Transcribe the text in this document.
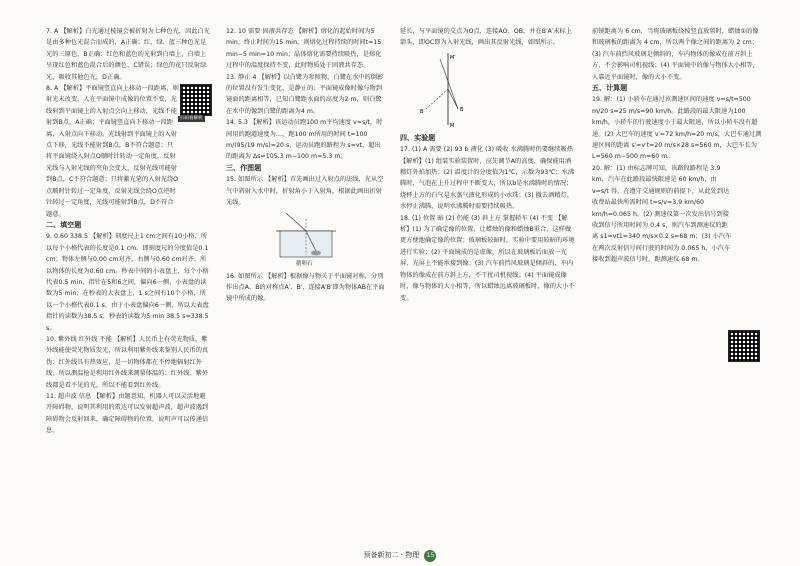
7. A 【解析】白光通过棱镜会被折射为七种色光，因此白光是由多种色光混合而成的，A正确；红、绿、蓝三种色光是光的三原色，B正确；红色和蓝色的光射到白墙上，白墙上呈现红色和蓝色混合后的颜色，C错误；绿色的花只反射绿光，吸收其他色光，D正确。

8. A 【解析】平面镜竖直向上移动一段距离，则射光未改变，人在平面镜中成像的位置不变，光线射到平面镜上的入射点会向上移动，光线不能射到B点，A正确；平面镜竖直向下移动一段距离，入射点向下移动，光线射到平面镜上的入射点下移，光线不能射到B点，B不符合题意；只将平面镜绕入射点O顺时针转动一定角度，反射光线与入射光线的夹角会变大，反射光线可能射到B点，C不符合题意；只将激光笔的入射光绕O点顺时针转过一定角度，反射光线会绕O点逆时针转过一定角度，光线可能射到B点，D不符合题意。

二、填空题

9. 0.60 338.5 【解析】刻度尺上1 cm之间有10小格，所以每个小格代表的长度是0.1 cm，即刻度尺的分度值是0.1 cm；物体左侧与0.00 cm对齐，右侧与0.60 cm对齐，所以物体的长度为0.60 cm。秒表中间的小表盘上，每个小格代表0.5 min，指针在5和6之间，偏向6一侧，小表盘的读数为5 min；在秒表的大表盘上，1 s之间有10个小格，所以一个小格代表0.1 s，由于小表盘偏向6一侧，所以大表盘指针的读数为38.5 s，秒表的读数为5 min 38.5 s=338.5 s。

10. 紫外线 红外线 不能 【解析】人民币上有荧光物质，紫外线能使荧光物质发光，所以利用紫外线来鉴别人民币的真伪；红外线具有热效应，是一切物体都在不停地辐射红外线，所以测温枪是利用红外线来测量体温的；红外线、紫外线都是看不见的光，所以不能看到红外线。

11. 超声波 信息 【解析】由题意知，机器人可以灵活地避开障碍物，说明其利用的雷达可以发射超声波，超声波遇到障碍物会反射回来，确定障碍物的位置，说明声可以传递信息。

扫码看解析

12. 10 需要 固液共存态 【解析】熔化的起始时间为5 min，终止时间为15 min，则熔化过程持续的时间t=15 min−5 min=10 min；晶体熔化需要持续吸热，是熔化过程中的温度保持不变，此时物质处于固液共存态。

13. 静止 4 【解析】以白鹭为参照物，白鹭在水中的倒影的位置没有发生变化，是静止的；平面镜成像时像与物到镜面的距离相等，已知白鹭距水面的高度为2 m，则白鹭在水中的像到白鹭的距离为4 m。

14. 5.3 【解析】该运动员跑100 m平均速度 v=s/t，时间用的跑道速度为…，跑100 m所用的时间 t=100 m/(95/19 m/s)=20 s，运动员跑的路程为 s=vt，超出的距离为 Δs=105.3 m−100 m=5.3 m。

三、作图题

15. 如图所示 【解析】首先画出过入射点的法线，光从空气中斜射入水中时，折射角小于入射角，根据此画出折射光线。

鹅卵石

16. 如图所示 【解析】根据像与物关于平面镜对称，分别作出点A、B的对称点A′、B′，连接A′B′即为物体AB在平面镜中所成的像。

延长，与平面镜的交点为O点，连接AO、OB，并在B′A′末标上箭头，即OC即为入射光线，画出其反射光线，如图所示。

M′
M
B′	B

四、实验题

17. (1) A 需要 (2) 93 b 液化 (3) 吸收 水沸腾时仍要继续吸热 【解析】(1) 组装实验装置时，应先调节A的高度，确保能用酒精灯外焰加热；(2) 温度计的分度值为1℃，示数为93℃；水沸腾时，气泡在上升过程中不断变大，所以b是水沸腾时的情况；烧杯上方的白气是水蒸气液化形成的小水珠；(3) 撤去酒精灯，水停止沸腾，说明水沸腾时需要持续吸热。

18. (1) 位置 暗 (2) 仍能 (3) 斜上方 掌握轿车 (4) 不变 【解析】(1) 为了确定像的位置，让蜡烛的像和蜡烛B重合，这样做更方便地确定像的位置；玻璃板较暗时，实验中要用较暗的环境进行实验；(2) 平面镜成的是虚像，所以在玻璃板后面放一光屏，光屏上不能承接到像；(3) 汽车前挡风玻璃是倾斜的，车内物体的像成在前方斜上方，不干扰司机视线；(4) 平面镜成像时，像与物体的大小相等，所以蜡烛远离玻璃板时，像的大小不变。

前镜距离为 6 cm，当将玻璃板绕棱竖直放置时，蜡烛①的像和玻璃板的距离为 4 cm，所以两个像之间的距离为 2 cm；(3) 汽车前挡风玻璃是倾斜的，车内物体的像成在前方斜上方，不会影响司机视线；(4) 平面镜中的像与物体大小相等，人靠近平面镜时，像的大小不变。

五、计算题

19. 解：(1) 小轿车在通过该测速区间的速度 v=s/t=500 m/20 s=25 m/s=90 km/h。此路段的最大限速为100 km/h，小轿车的行驶速度小于最大限速，所以小轿车没有超速。(2) 大巴车的速度 v′=72 km/h=20 m/s，大巴车通过测速区间的距离 s′=v′t=20 m/s×28 s=560 m，大巴车长为 L=560 m−500 m=60 m。

20. 解：(1) 由标志牌可知，该路段路程是 3.9 km，汽车在此路段最快限速是 60 km/h，由 v=s/t 得，在遵守交通规则的前提下，从此处到达收费站最快所需时间 t=s/v=3.9 km/60 km/h=0.065 h。(2) 测速仪第一次发出信号到接收到信号所用时间为 0.4 s，则汽车到测速仪的距离 s1=vt1=340 m/s×0.2 s=68 m；(3) 小汽车在两次反射信号间行驶的时间为 0.065 h，小汽车接收到超声波信号时，距测速仪 68 m。

预备新初二 · 物理 15
